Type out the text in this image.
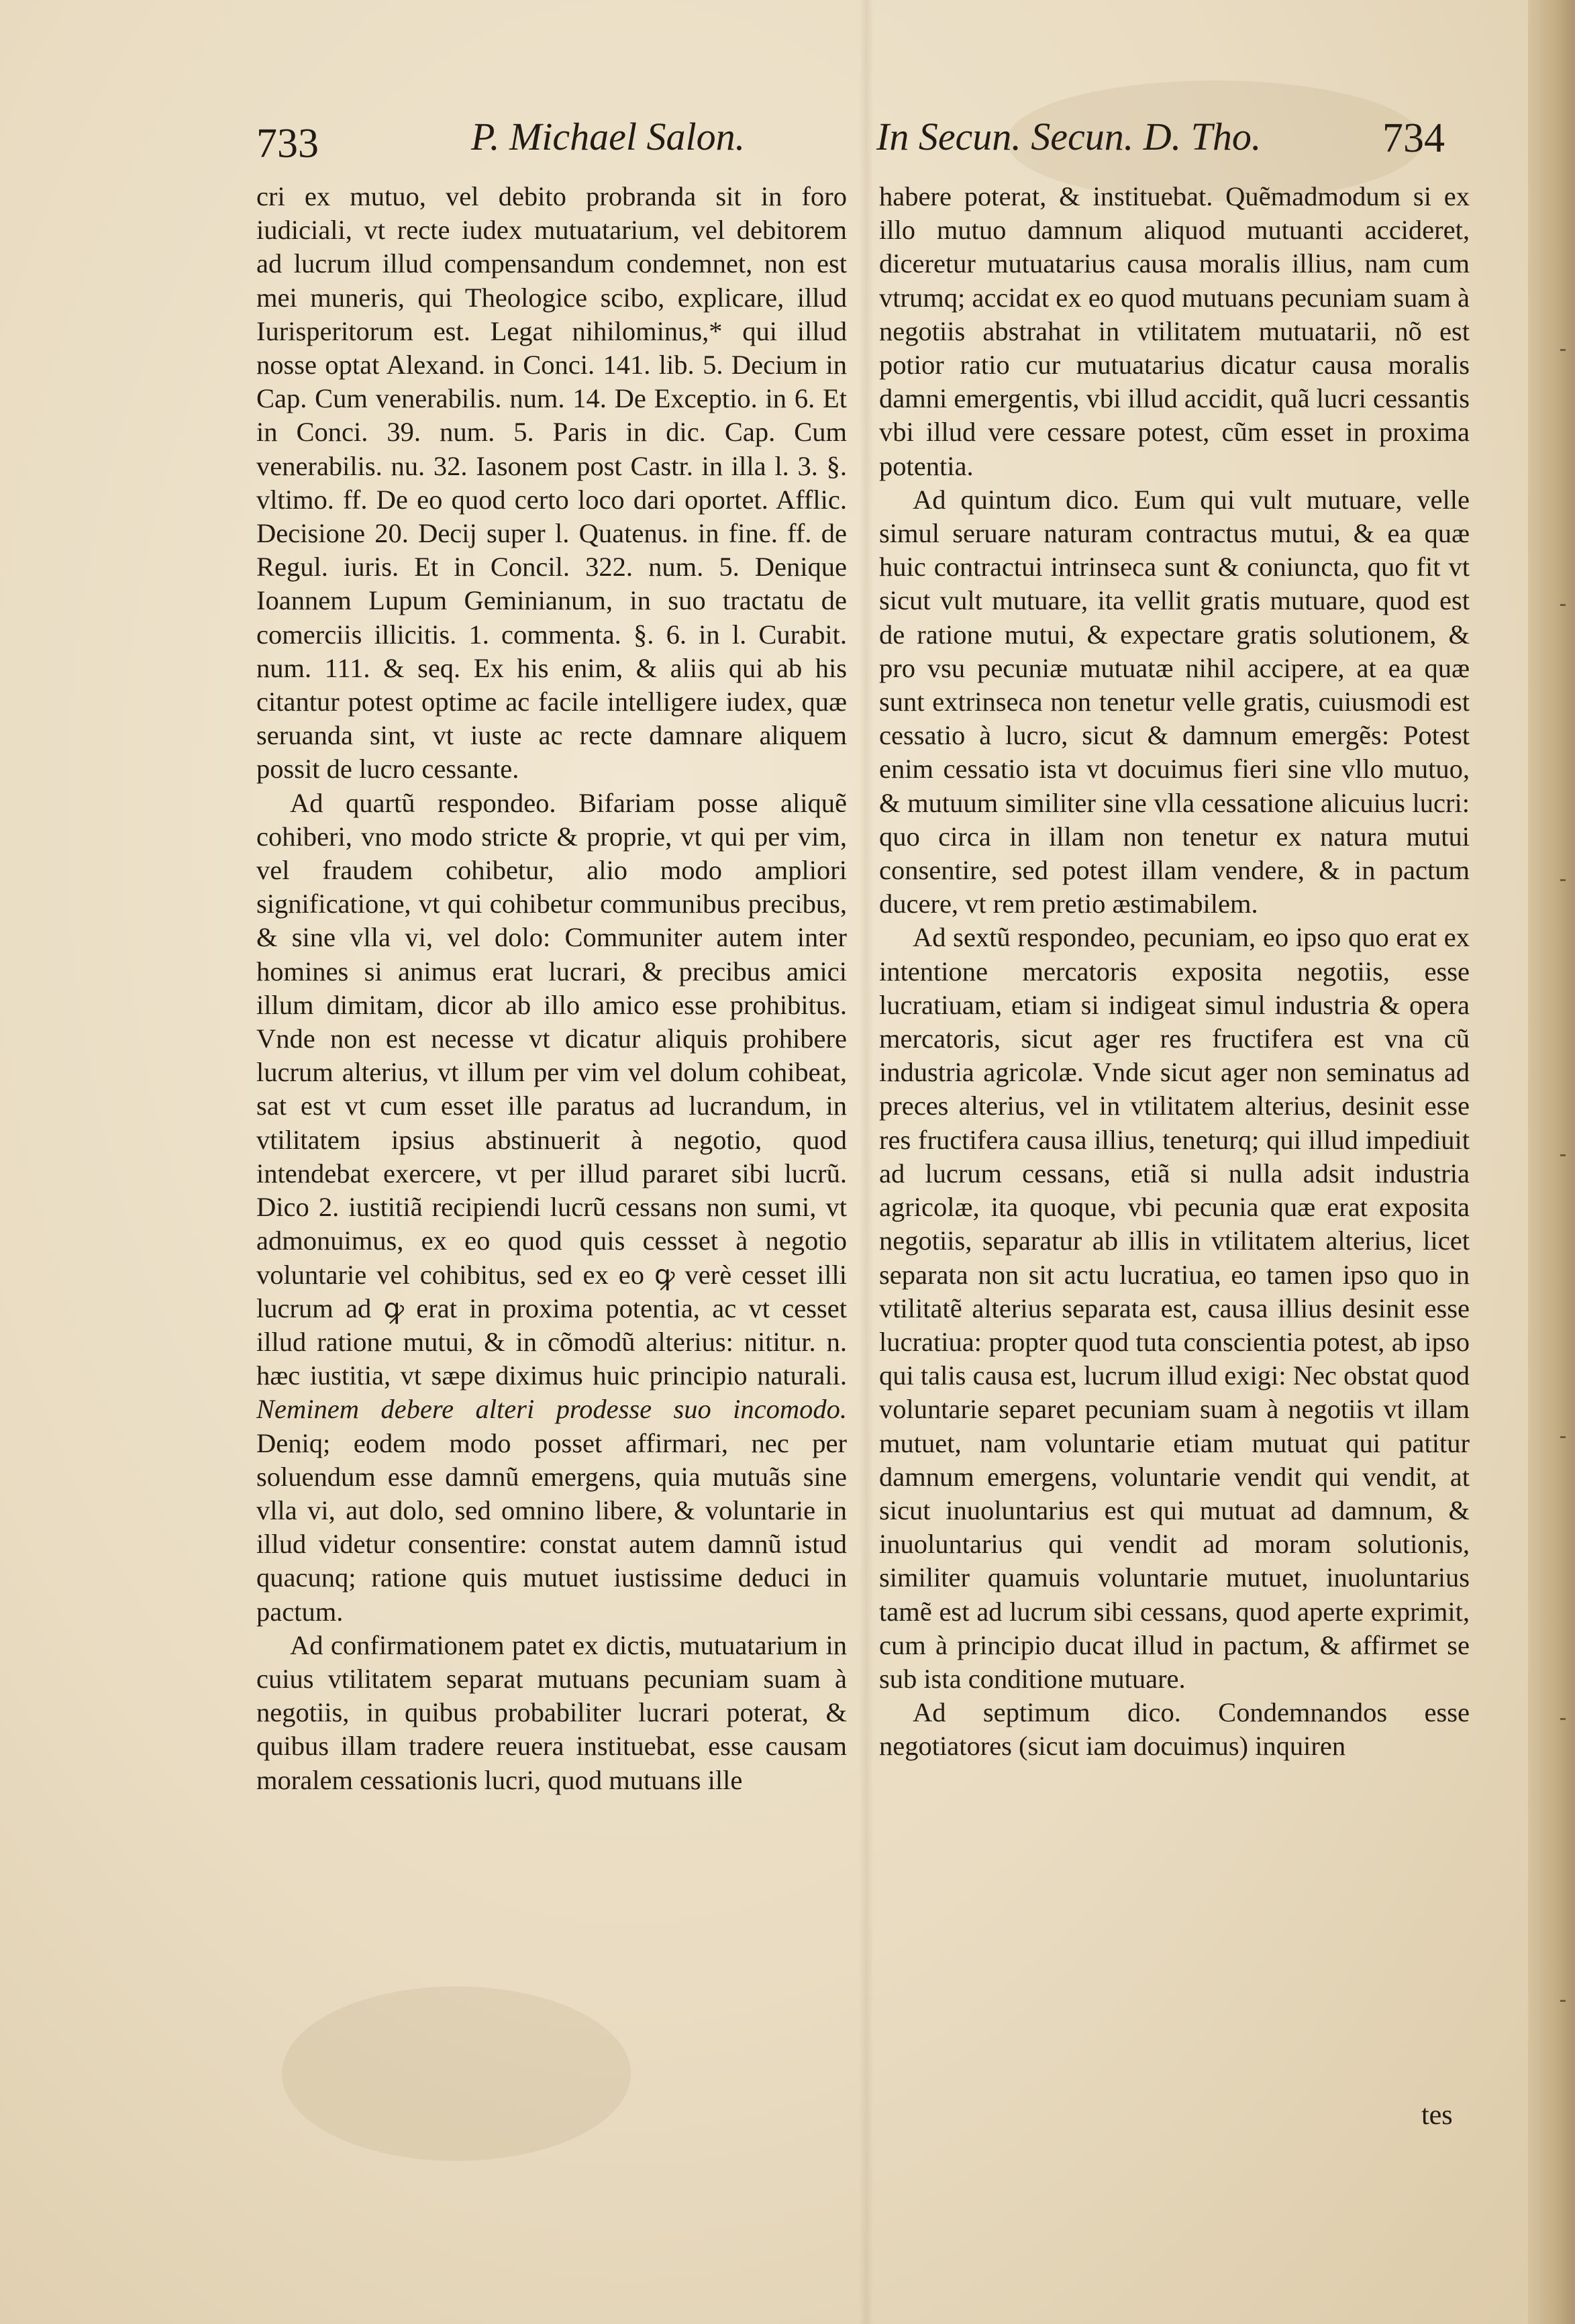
733	P. Michael Salon.	In Secun. Secun. D. Tho.	734

cri ex mutuo, vel debito probranda sit in foro iudiciali, vt recte iudex mutuatarium, vel debitorem ad lucrum illud compensandum condemnet, non est mei muneris, qui Theologice scibo, explicare, illud Iurisperitorum est. Legat nihilominus,* qui illud nosse optat Alexand. in Conci. 141. lib. 5. Decium in Cap. Cum venerabilis. num. 14. De Exceptio. in 6. Et in Conci. 39. num. 5. Paris in dic. Cap. Cum venerabilis. nu. 32. Iasonem post Castr. in illa l. 3. §. vltimo. ff. De eo quod certo loco dari oportet. Afflic. Decisione 20. Decij super l. Quatenus. in fine. ff. de Regul. iuris. Et in Concil. 322. num. 5. Denique Ioannem Lupum Geminianum, in suo tractatu de comerciis illicitis. 1. commenta. §. 6. in l. Curabit. num. 111. & seq. Ex his enim, & aliis qui ab his citantur potest optime ac facile intelligere iudex, quæ seruanda sint, vt iuste ac recte damnare aliquem possit de lucro cessante.

Ad quartũ respondeo. Bifariam posse aliquẽ cohiberi, vno modo stricte & proprie, vt qui per vim, vel fraudem cohibetur, alio modo ampliori significatione, vt qui cohibetur communibus precibus, & sine vlla vi, vel dolo: Communiter autem inter homines si animus erat lucrari, & precibus amici illum dimitam, dicor ab illo amico esse prohibitus. Vnde non est necesse vt dicatur aliquis prohibere lucrum alterius, vt illum per vim vel dolum cohibeat, sat est vt cum esset ille paratus ad lucrandum, in vtilitatem ipsius abstinuerit à negotio, quod intendebat exercere, vt per illud pararet sibi lucrũ. Dico 2. iustitiã recipiendi lucrũ cessans non sumi, vt admonuimus, ex eo quod quis cessset à negotio voluntarie vel cohibitus, sed ex eo ꝙ verè cesset illi lucrum ad ꝙ erat in proxima potentia, ac vt cesset illud ratione mutui, & in cõmodũ alterius: nititur. n. hæc iustitia, vt sæpe diximus huic principio naturali. Neminem debere alteri prodesse suo incomodo. Deniq; eodem modo posset affirmari, nec per soluendum esse damnũ emergens, quia mutuãs sine vlla vi, aut dolo, sed omnino libere, & voluntarie in illud videtur consentire: constat autem damnũ istud quacunq; ratione quis mutuet iustissime deduci in pactum.

Ad confirmationem patet ex dictis, mutuatarium in cuius vtilitatem separat mutuans pecuniam suam à negotiis, in quibus probabiliter lucrari poterat, & quibus illam tradere reuera instituebat, esse causam moralem cessationis lucri, quod mutuans ille

habere poterat, & instituebat. Quẽmadmodum si ex illo mutuo damnum aliquod mutuanti accideret, diceretur mutuatarius causa moralis illius, nam cum vtrumq; accidat ex eo quod mutuans pecuniam suam à negotiis abstrahat in vtilitatem mutuatarii, nõ est potior ratio cur mutuatarius dicatur causa moralis damni emergentis, vbi illud accidit, quã lucri cessantis vbi illud vere cessare potest, cũm esset in proxima potentia.

Ad quintum dico. Eum qui vult mutuare, velle simul seruare naturam contractus mutui, & ea quæ huic contractui intrinseca sunt & coniuncta, quo fit vt sicut vult mutuare, ita vellit gratis mutuare, quod est de ratione mutui, & expectare gratis solutionem, & pro vsu pecuniæ mutuatæ nihil accipere, at ea quæ sunt extrinseca non tenetur velle gratis, cuiusmodi est cessatio à lucro, sicut & damnum emergẽs: Potest enim cessatio ista vt docuimus fieri sine vllo mutuo, & mutuum similiter sine vlla cessatione alicuius lucri: quo circa in illam non tenetur ex natura mutui consentire, sed potest illam vendere, & in pactum ducere, vt rem pretio æstimabilem.

Ad sextũ respondeo, pecuniam, eo ipso quo erat ex intentione mercatoris exposita negotiis, esse lucratiuam, etiam si indigeat simul industria & opera mercatoris, sicut ager res fructifera est vna cũ industria agricolæ. Vnde sicut ager non seminatus ad preces alterius, vel in vtilitatem alterius, desinit esse res fructifera causa illius, teneturq; qui illud impediuit ad lucrum cessans, etiã si nulla adsit industria agricolæ, ita quoque, vbi pecunia quæ erat exposita negotiis, separatur ab illis in vtilitatem alterius, licet separata non sit actu lucratiua, eo tamen ipso quo in vtilitatẽ alterius separata est, causa illius desinit esse lucratiua: propter quod tuta conscientia potest, ab ipso qui talis causa est, lucrum illud exigi: Nec obstat quod voluntarie separet pecuniam suam à negotiis vt illam mutuet, nam voluntarie etiam mutuat qui patitur damnum emergens, voluntarie vendit qui vendit, at sicut inuoluntarius est qui mutuat ad damnum, & inuoluntarius qui vendit ad moram solutionis, similiter quamuis voluntarie mutuet, inuoluntarius tamẽ est ad lucrum sibi cessans, quod aperte exprimit, cum à principio ducat illud in pactum, & affirmet se sub ista conditione mutuare.

Ad septimum dico. Condemnandos esse negotiatores (sicut iam docuimus) inquiren

tes
